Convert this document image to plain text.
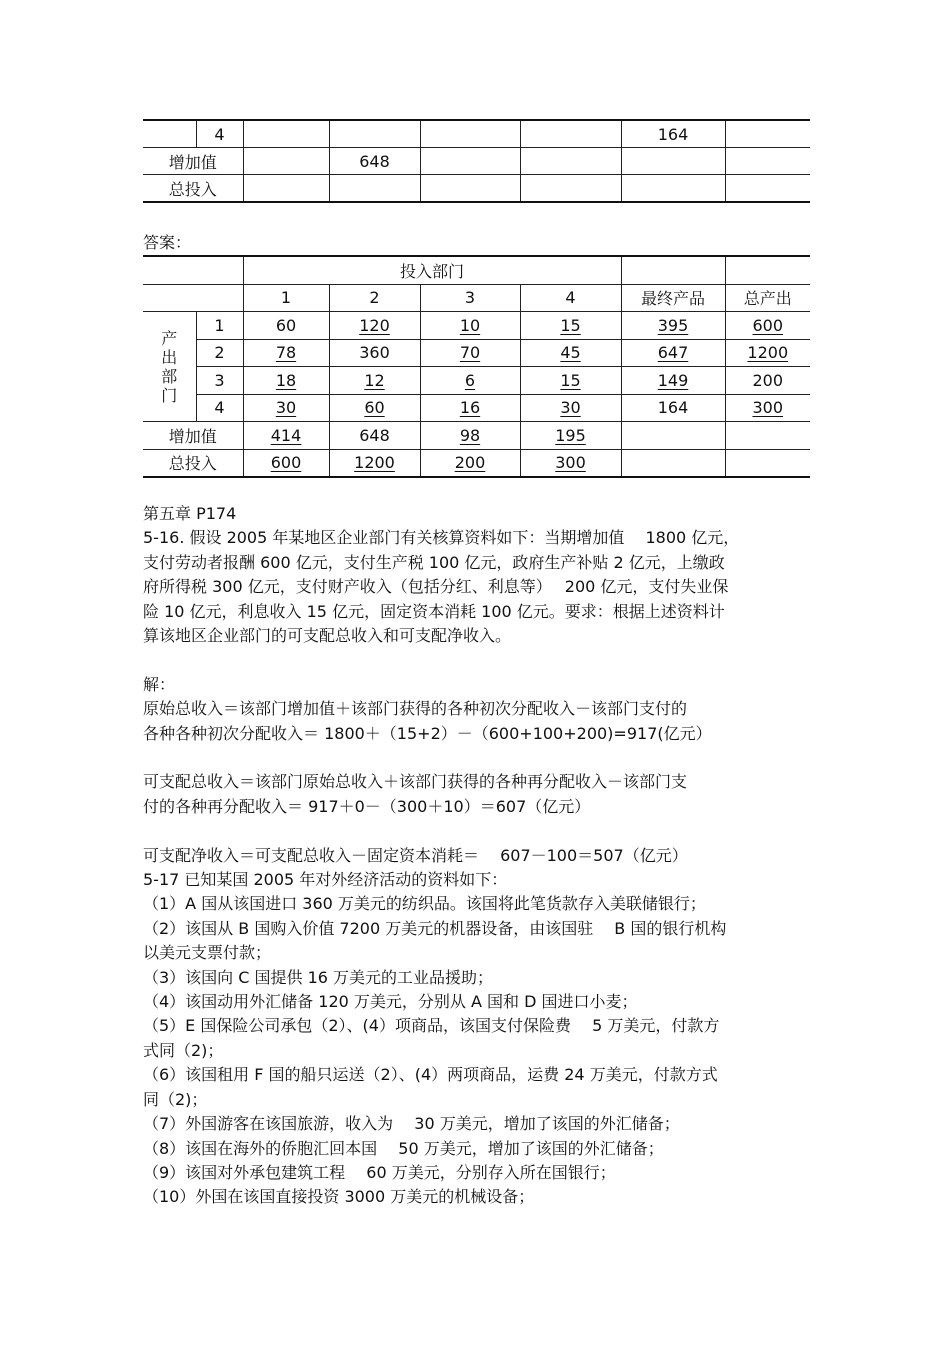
	4					164	
增加值			648				
总投入							
答案：
		投入部门					
		1	2	3	4	最终产品	总产出

产
出
部
门	1	60	120	10	15	395	600
	2	78	360	70	45	647	1200
	3	18	12	6	15	149	200
	4	30	60	16	30	164	300
增加值		414	648	98	195		
总投入		600	1200	200	300		

第五章 P174

5-16. 假设 2005 年某地区企业部门有关核算资料如下：当期增加值　 1800 亿元，

支付劳动者报酬 600 亿元，支付生产税 100 亿元，政府生产补贴 2 亿元，上缴政

府所得税 300 亿元，支付财产收入（包括分红、利息等）　 200 亿元，支付失业保

险 10 亿元，利息收入 15 亿元，固定资本消耗 100 亿元。要求：根据上述资料计

算该地区企业部门的可支配总收入和可支配净收入。

解：

原始总收入＝该部门增加值＋该部门获得的各种初次分配收入－该部门支付的

各种各种初次分配收入＝ 1800＋（15+2）－（600+100+200)=917(亿元）

可支配总收入＝该部门原始总收入＋该部门获得的各种再分配收入－该部门支

付的各种再分配收入＝ 917＋0－（300＋10）＝607（亿元）

可支配净收入＝可支配总收入－固定资本消耗＝　 607－100＝507（亿元）

5-17 已知某国 2005 年对外经济活动的资料如下：

（1）A 国从该国进口 360 万美元的纺织品。该国将此笔货款存入美联储银行；

（2）该国从 B 国购入价值 7200 万美元的机器设备，由该国驻　 B 国的银行机构

以美元支票付款；

（3）该国向 C 国提供 16 万美元的工业品援助；

（4）该国动用外汇储备 120 万美元，分别从 A 国和 D 国进口小麦；

（5）E 国保险公司承包（2）、(4）项商品，该国支付保险费　 5 万美元，付款方

式同（2)；

（6）该国租用 F 国的船只运送（2）、(4）两项商品，运费 24 万美元，付款方式

同（2)；

（7）外国游客在该国旅游，收入为　 30 万美元，增加了该国的外汇储备；

（8）该国在海外的侨胞汇回本国　 50 万美元，增加了该国的外汇储备；

（9）该国对外承包建筑工程　 60 万美元，分别存入所在国银行；

（10）外国在该国直接投资 3000 万美元的机械设备；
